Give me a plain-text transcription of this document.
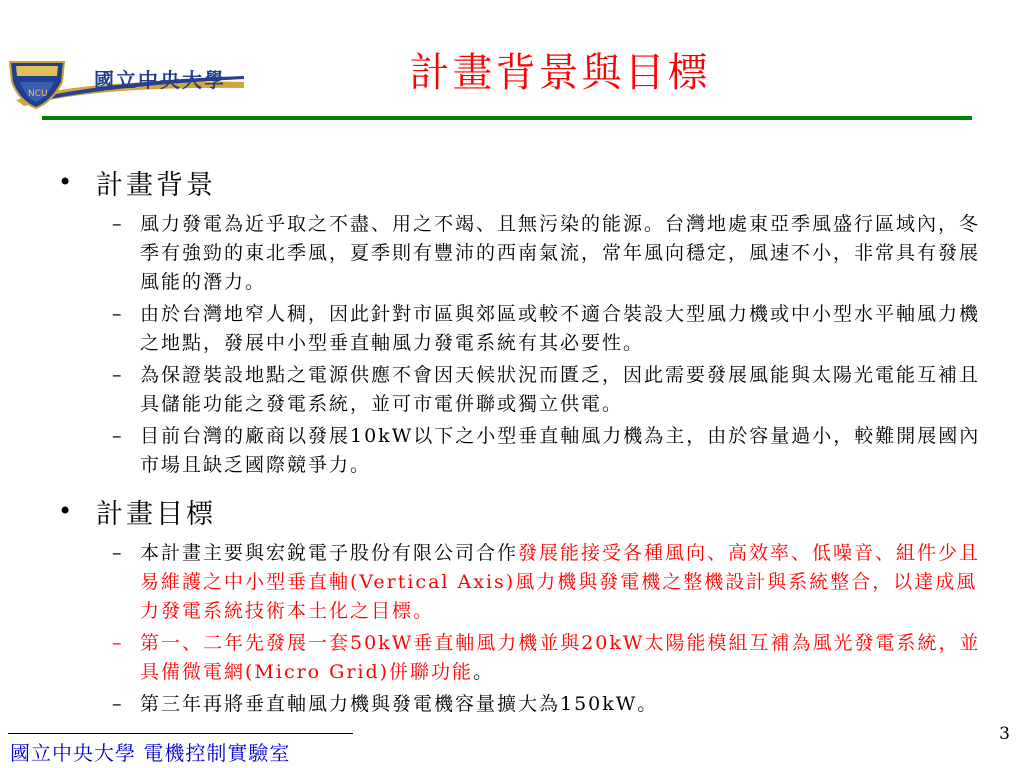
NCU
國立中央大學	計畫背景與目標
• 計畫背景
– 風力發電為近乎取之不盡、用之不竭、且無污染的能源。台灣地處東亞季風盛行區域內，冬季有強勁的東北季風，夏季則有豐沛的西南氣流，常年風向穩定，風速不小，非常具有發展風能的潛力。
– 由於台灣地窄人稠，因此針對市區與郊區或較不適合裝設大型風力機或中小型水平軸風力機之地點，發展中小型垂直軸風力發電系統有其必要性。
– 為保證裝設地點之電源供應不會因天候狀況而匱乏，因此需要發展風能與太陽光電能互補且具儲能功能之發電系統，並可市電併聯或獨立供電。
– 目前台灣的廠商以發展10kW以下之小型垂直軸風力機為主，由於容量過小，較難開展國內市場且缺乏國際競爭力。
• 計畫目標
– 本計畫主要與宏銳電子股份有限公司合作發展能接受各種風向、高效率、低噪音、組件少且易維護之中小型垂直軸(Vertical Axis)風力機與發電機之整機設計與系統整合，以達成風力發電系統技術本土化之目標。
– 第一、二年先發展一套50kW垂直軸風力機並與20kW太陽能模組互補為風光發電系統，並具備微電網(Micro Grid)併聯功能。
– 第三年再將垂直軸風力機與發電機容量擴大為150kW。
國立中央大學 電機控制實驗室
3
